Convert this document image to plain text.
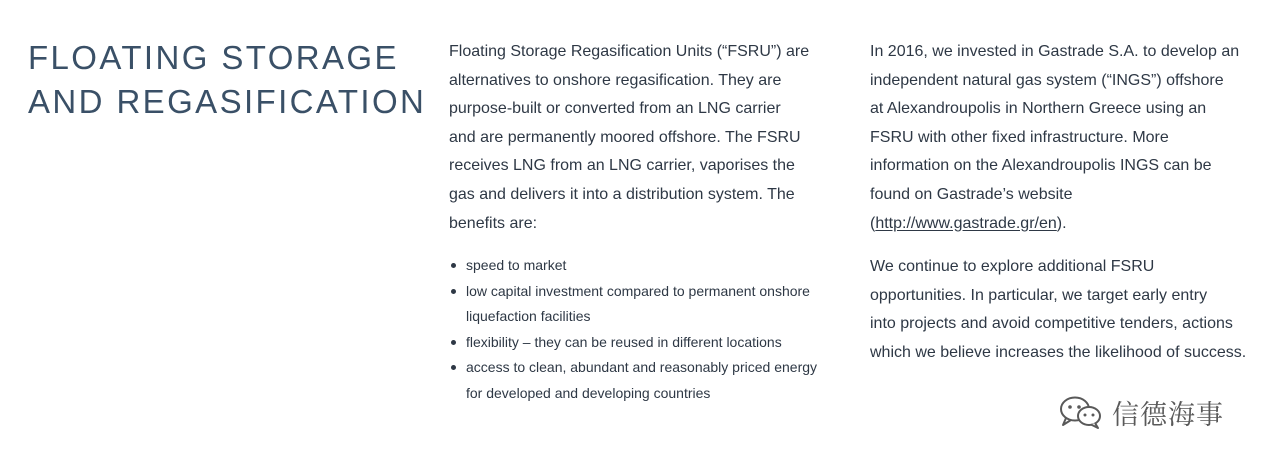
FLOATING STORAGE
AND REGASIFICATION

Floating Storage Regasification Units (“FSRU”) are
alternatives to onshore regasification. They are
purpose-built or converted from an LNG carrier
and are permanently moored offshore. The FSRU
receives LNG from an LNG carrier, vaporises the
gas and delivers it into a distribution system. The
benefits are:

speed to market
low capital investment compared to permanent onshore
liquefaction facilities
flexibility – they can be reused in different locations
access to clean, abundant and reasonably priced energy
for developed and developing countries

In 2016, we invested in Gastrade S.A. to develop an
independent natural gas system (“INGS”) offshore
at Alexandroupolis in Northern Greece using an
FSRU with other fixed infrastructure. More
information on the Alexandroupolis INGS can be
found on Gastrade’s website
(http://www.gastrade.gr/en).

We continue to explore additional FSRU
opportunities. In particular, we target early entry
into projects and avoid competitive tenders, actions
which we believe increases the likelihood of success.

信德海事
